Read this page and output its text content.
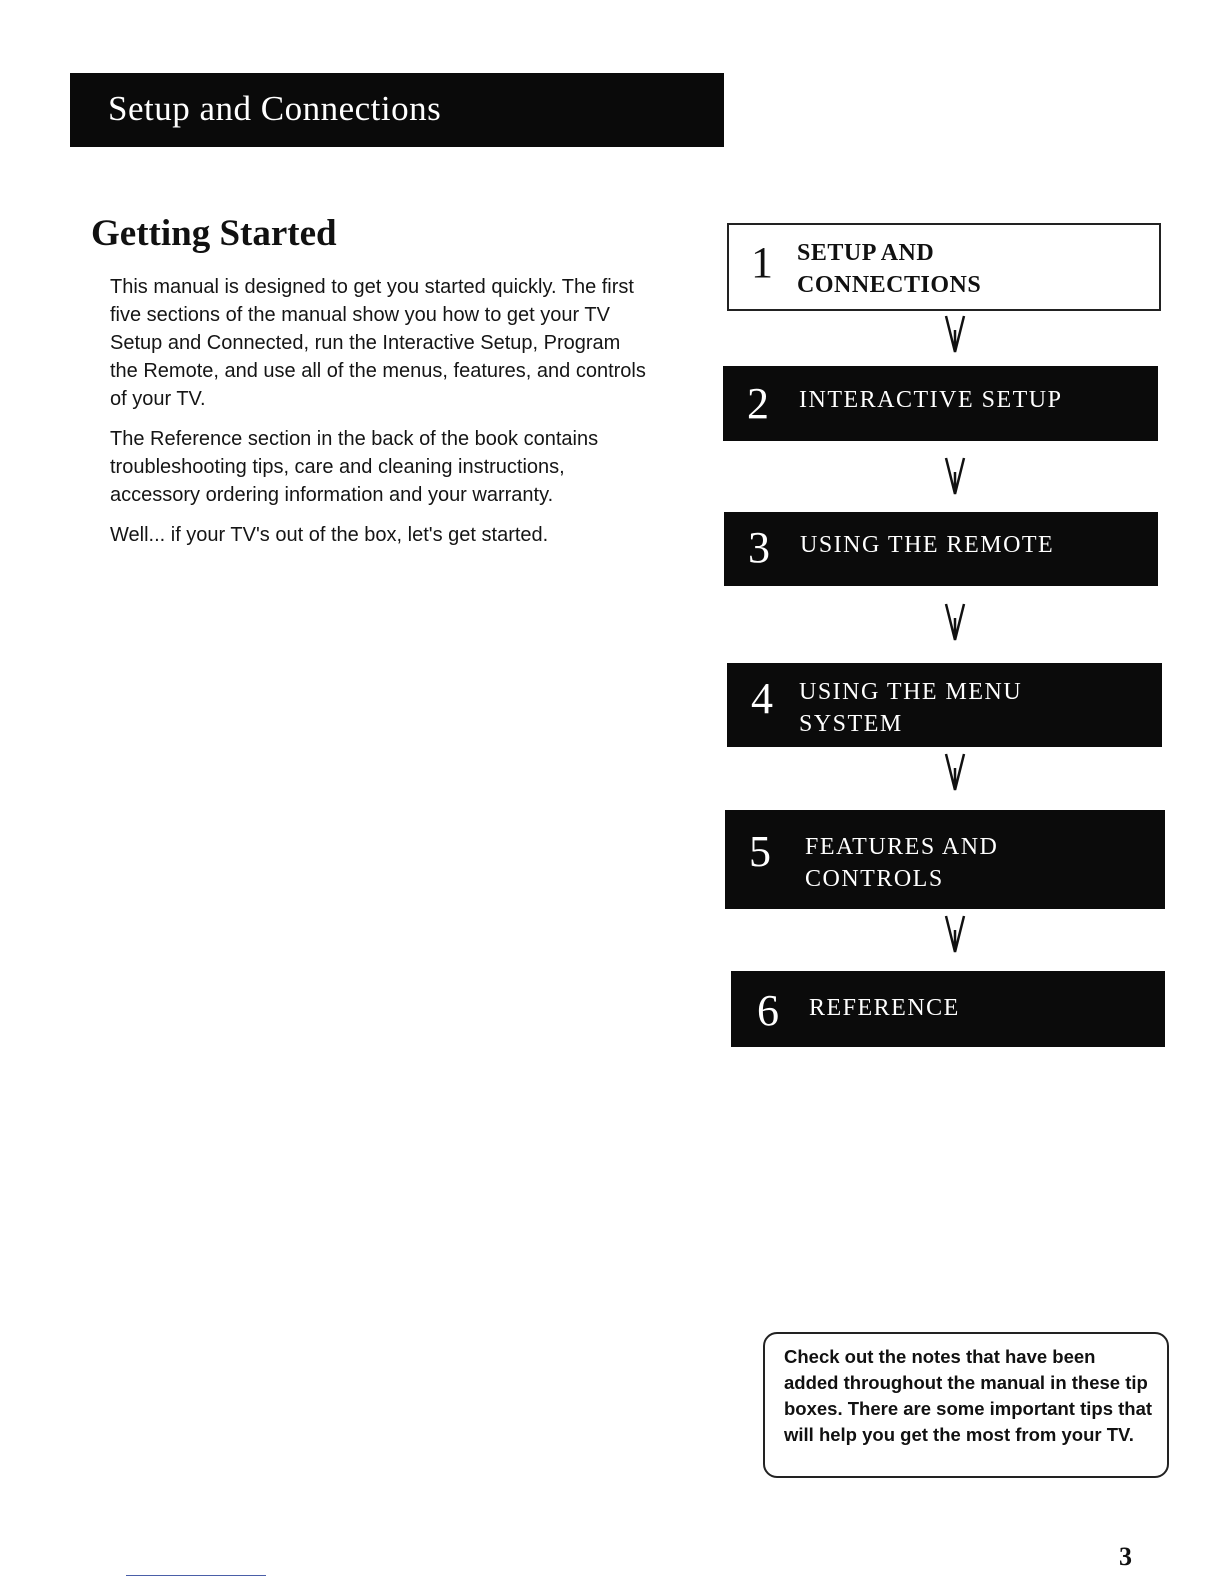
Setup and Connections
Getting Started

This manual is designed to get you started quickly. The first five sections of the manual show you how to get your TV Setup and Connected, run the Interactive Setup, Program the Remote, and use all of the menus, features, and controls of your TV.

The Reference section in the back of the book contains troubleshooting tips, care and cleaning instructions, accessory ordering information and your warranty.

Well... if your TV's out of the box, let's get started.

1 SETUP AND
CONNECTIONS
2 INTERACTIVE SETUP
3 USING THE REMOTE
4 USING THE MENU
SYSTEM
5 FEATURES AND
CONTROLS
6 REFERENCE
Check out the notes that have been added throughout the manual in these tip boxes. There are some important tips that will help you get the most from your TV.
3
